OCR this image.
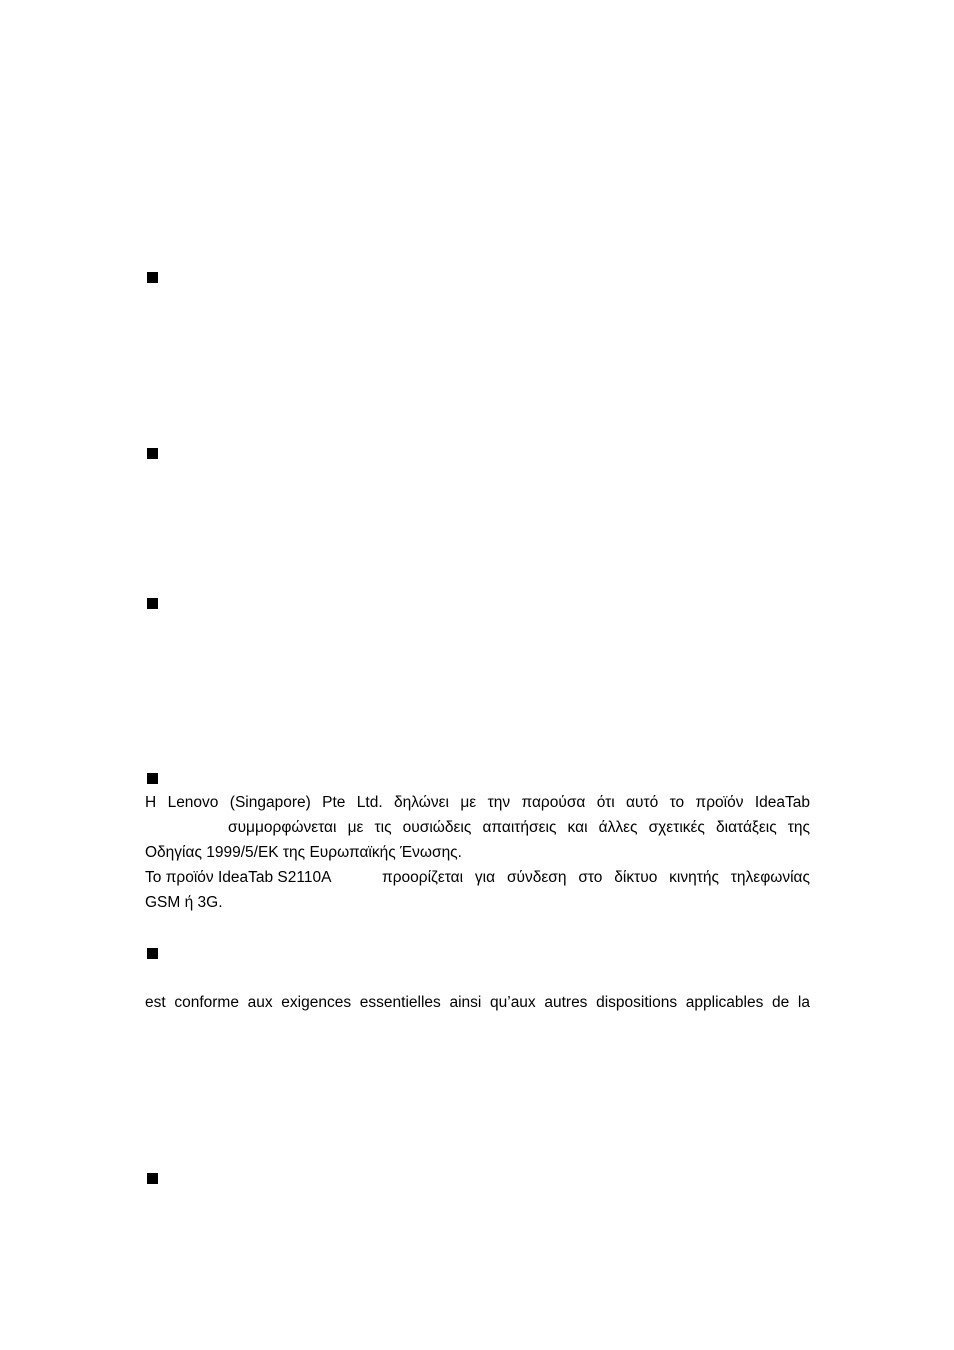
Η Lenovo (Singapore) Pte Ltd. δηλώνει με την παρούσα ότι αυτό το προϊόν IdeaTab
συμμορφώνεται με τις ουσιώδεις απαιτήσεις και άλλες σχετικές διατάξεις της
Οδηγίας 1999/5/ΕΚ της Ευρωπαϊκής Ένωσης.
Το προϊόν IdeaTab S2110A	προορίζεται για σύνδεση στο δίκτυο κινητής τηλεφωνίας
GSM ή 3G.
est conforme aux exigences essentielles ainsi qu’aux autres dispositions applicables de la
